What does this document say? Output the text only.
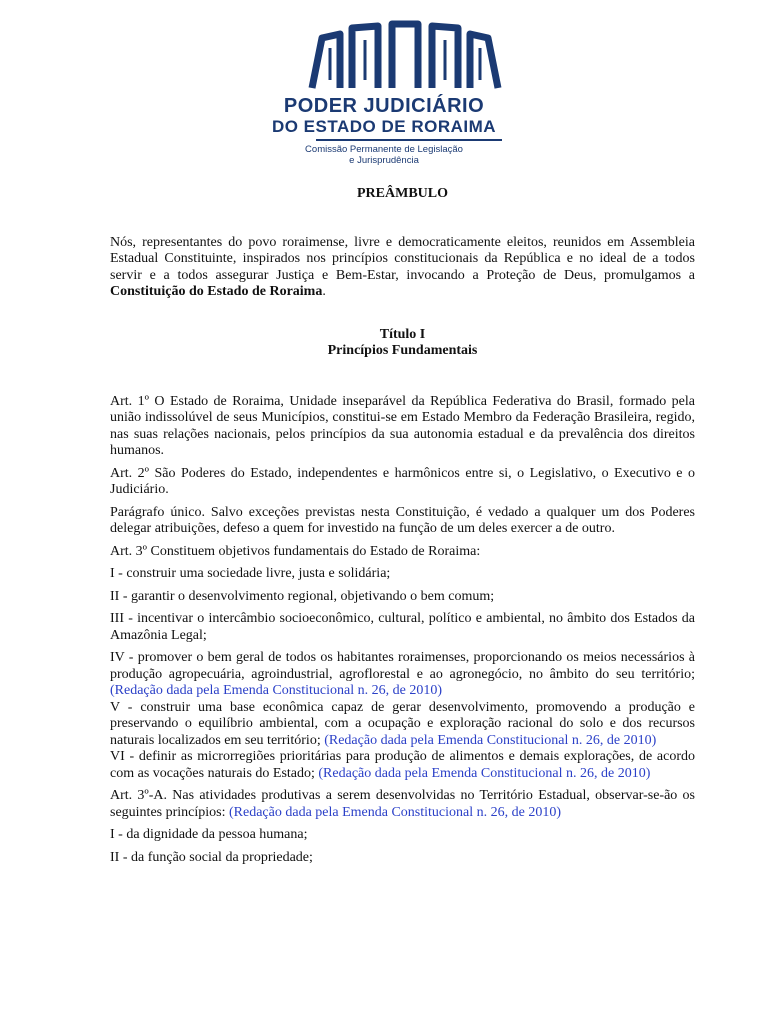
PODER JUDICIÁRIO
DO ESTADO DE RORAIMA
Comissão Permanente de Legislação
e Jurisprudência

PREÂMBULO

Nós, representantes do povo roraimense, livre e democraticamente eleitos, reunidos em Assembleia Estadual Constituinte, inspirados nos princípios constitucionais da República e no ideal de a todos servir e a todos assegurar Justiça e Bem-Estar, invocando a Proteção de Deus, promulgamos a Constituição do Estado de Roraima.

Título I

Princípios Fundamentais

Art. 1º O Estado de Roraima, Unidade inseparável da República Federativa do Brasil, formado pela união indissolúvel de seus Municípios, constitui-se em Estado Membro da Federação Brasileira, regido, nas suas relações nacionais, pelos princípios da sua autonomia estadual e da prevalência dos direitos humanos.

Art. 2º São Poderes do Estado, independentes e harmônicos entre si, o Legislativo, o Executivo e o Judiciário.

Parágrafo único. Salvo exceções previstas nesta Constituição, é vedado a qualquer um dos Poderes delegar atribuições, defeso a quem for investido na função de um deles exercer a de outro.

Art. 3º Constituem objetivos fundamentais do Estado de Roraima:

I - construir uma sociedade livre, justa e solidária;

II - garantir o desenvolvimento regional, objetivando o bem comum;

III - incentivar o intercâmbio socioeconômico, cultural, político e ambiental, no âmbito dos Estados da Amazônia Legal;

IV - promover o bem geral de todos os habitantes roraimenses, proporcionando os meios necessários à produção agropecuária, agroindustrial, agroflorestal e ao agronegócio, no âmbito do seu território; (Redação dada pela Emenda Constitucional n. 26, de 2010)

V - construir uma base econômica capaz de gerar desenvolvimento, promovendo a produção e preservando o equilíbrio ambiental, com a ocupação e exploração racional do solo e dos recursos naturais localizados em seu território; (Redação dada pela Emenda Constitucional n. 26, de 2010)

VI - definir as microrregiões prioritárias para produção de alimentos e demais explorações, de acordo com as vocações naturais do Estado; (Redação dada pela Emenda Constitucional n. 26, de 2010)

Art. 3º-A. Nas atividades produtivas a serem desenvolvidas no Território Estadual, observar-se-ão os seguintes princípios: (Redação dada pela Emenda Constitucional n. 26, de 2010)

I - da dignidade da pessoa humana;

II - da função social da propriedade;
